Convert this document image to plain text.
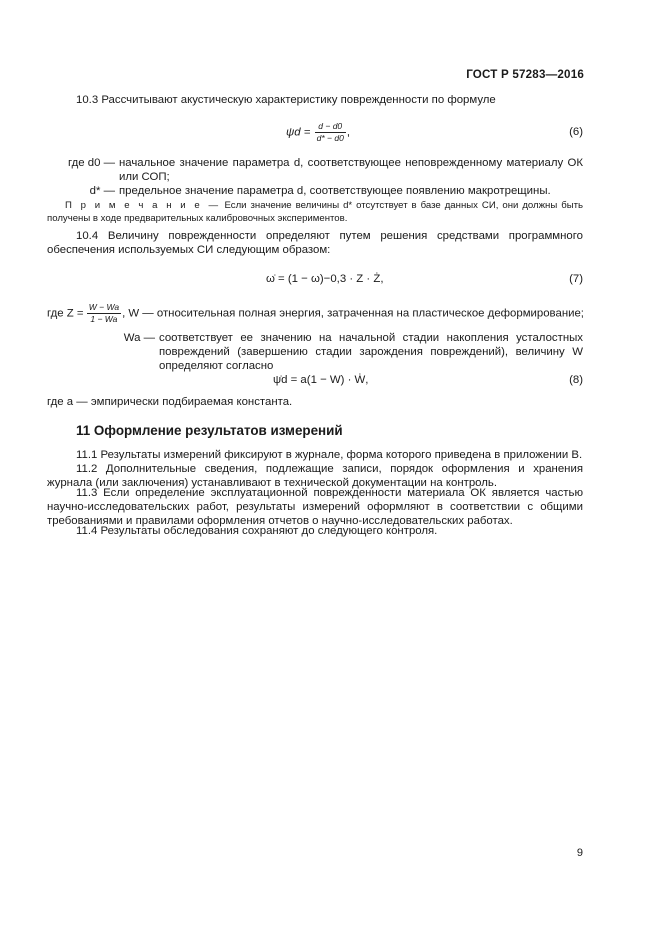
ГОСТ Р 57283—2016
10.3 Рассчитывают акустическую характеристику поврежденности по формуле
$\psi d = \frac{d - d0}{d* - d0}$ ,	(6)
где d0 — начальное значение параметра d, соответствующее неповрежденному материалу ОК или СОП;
d* — предельное значение параметра d, соответствующее появлению макротрещины.
П р и м е ч а н и е — Если значение величины d* отсутствует в базе данных СИ, они должны быть получены в ходе предварительных калибровочных экспериментов.
10.4 Величину поврежденности определяют путем решения средствами программного обеспечения используемых СИ следующим образом:
ω̇ = (1 − ω)−0,3 · Z · Ż,	(7)
где $Z = \frac{W - Wa}{1 - Wa}$ , W — относительная полная энергия, затраченная на пластическое деформирование;
Wa — соответствует ее значению на начальной стадии накопления усталостных повреждений (завершению стадии зарождения повреждений), величину W определяют согласно
ψ̇d = a(1 − W) · Ẇ,	(8)
где a — эмпирически подбираемая константа.
11 Оформление результатов измерений
11.1 Результаты измерений фиксируют в журнале, форма которого приведена в приложении В.
11.2 Дополнительные сведения, подлежащие записи, порядок оформления и хранения журнала (или заключения) устанавливают в технической документации на контроль.
11.3 Если определение эксплуатационной поврежденности материала ОК является частью научно-исследовательских работ, результаты измерений оформляют в соответствии с общими требованиями и правилами оформления отчетов о научно-исследовательских работах.
11.4 Результаты обследования сохраняют до следующего контроля.
9
